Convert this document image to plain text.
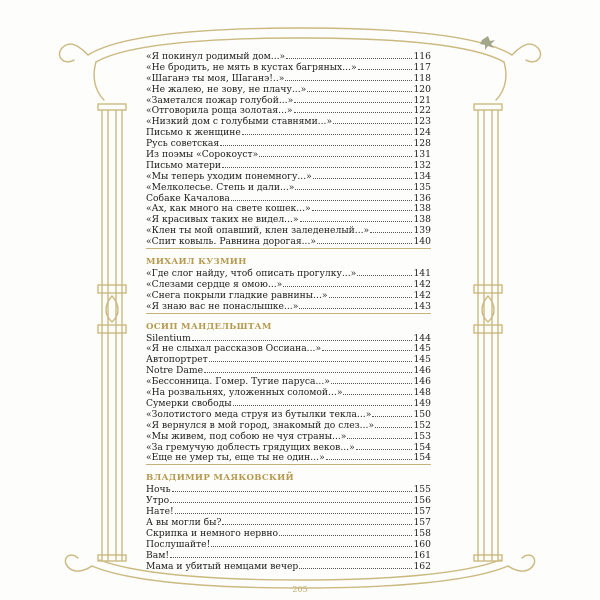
«Я покинул родимый дом...»	116
«Не бродить, не мять в кустах багряных...»	117
«Шаганэ ты моя, Шаганэ!..»	118
«Не жалею, не зову, не плачу...»	120
«Заметался пожар голубой...»	121
«Отговорила роща золотая...»	122
«Низкий дом с голубыми ставнями...»	123
Письмо к женщине	124
Русь советская	128
Из поэмы «Сорокоуст»	131
Письмо матери	132
«Мы теперь уходим понемногу...»	134
«Мелколесье. Степь и дали...»	135
Собаке Качалова	136
«Ах, как много на свете кошек...»	138
«Я красивых таких не видел...»	138
«Клен ты мой опавший, клен заледенелый...»	139
«Спит ковыль. Равнина дорогая...»	140
МИХАИЛ КУЗМИН
«Где слог найду, чтоб описать прогулку...»	141
«Слезами сердце я омою...»	142
«Снега покрыли гладкие равнины...»	142
«Я знаю вас не понаслышке...»	143
ОСИП МАНДЕЛЬШТАМ
Silentium	144
«Я не слыхал рассказов Оссиана...»	145
Автопортрет	145
Notre Dame	146
«Бессонница. Гомер. Тугие паруса...»	146
«На розвальнях, уложенных соломой...»	148
Сумерки свободы	149
«Золотистого меда струя из бутылки текла...»	150
«Я вернулся в мой город, знакомый до слез...»	152
«Мы живем, под собою не чуя страны...»	153
«За гремучую доблесть грядущих веков...»	154
«Еще не умер ты, еще ты не один...»	154
ВЛАДИМИР МАЯКОВСКИЙ
Ночь	155
Утро	156
Нате!	157
А вы могли бы?	157
Скрипка и немного нервно	158
Послушайте!	160
Вам!	161
Мама и убитый немцами вечер	162
205
